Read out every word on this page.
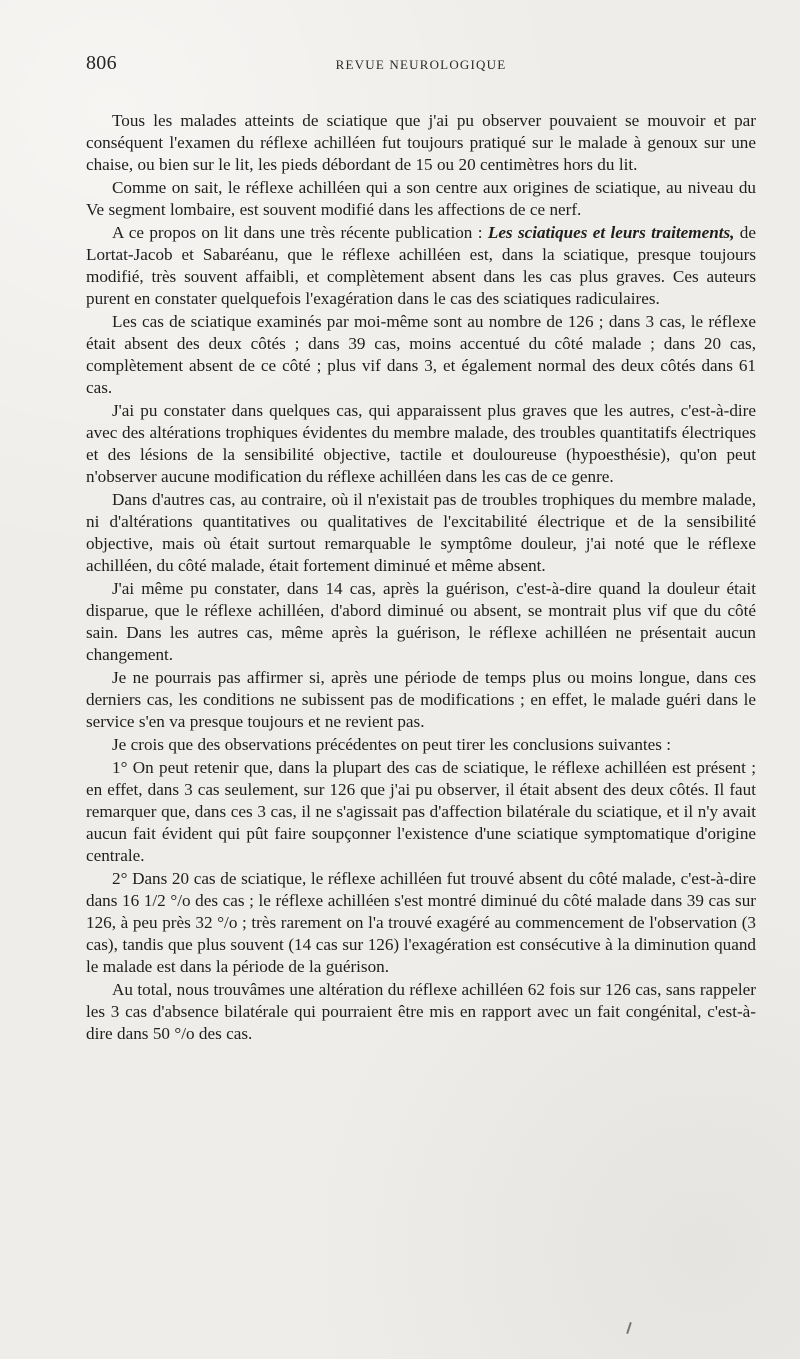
806	REVUE NEUROLOGIQUE

Tous les malades atteints de sciatique que j'ai pu observer pouvaient se mouvoir et par conséquent l'examen du réflexe achilléen fut toujours pratiqué sur le malade à genoux sur une chaise, ou bien sur le lit, les pieds débordant de 15 ou 20 centimètres hors du lit.

Comme on sait, le réflexe achilléen qui a son centre aux origines de sciatique, au niveau du Ve segment lombaire, est souvent modifié dans les affections de ce nerf.

A ce propos on lit dans une très récente publication : Les sciatiques et leurs traitements, de Lortat-Jacob et Sabaréanu, que le réflexe achilléen est, dans la sciatique, presque toujours modifié, très souvent affaibli, et complètement absent dans les cas plus graves. Ces auteurs purent en constater quelquefois l'exagération dans le cas des sciatiques radiculaires.

Les cas de sciatique examinés par moi-même sont au nombre de 126 ; dans 3 cas, le réflexe était absent des deux côtés ; dans 39 cas, moins accentué du côté malade ; dans 20 cas, complètement absent de ce côté ; plus vif dans 3, et également normal des deux côtés dans 61 cas.

J'ai pu constater dans quelques cas, qui apparaissent plus graves que les autres, c'est-à-dire avec des altérations trophiques évidentes du membre malade, des troubles quantitatifs électriques et des lésions de la sensibilité objective, tactile et douloureuse (hypoesthésie), qu'on peut n'observer aucune modification du réflexe achilléen dans les cas de ce genre.

Dans d'autres cas, au contraire, où il n'existait pas de troubles trophiques du membre malade, ni d'altérations quantitatives ou qualitatives de l'excitabilité électrique et de la sensibilité objective, mais où était surtout remarquable le symptôme douleur, j'ai noté que le réflexe achilléen, du côté malade, était fortement diminué et même absent.

J'ai même pu constater, dans 14 cas, après la guérison, c'est-à-dire quand la douleur était disparue, que le réflexe achilléen, d'abord diminué ou absent, se montrait plus vif que du côté sain. Dans les autres cas, même après la guérison, le réflexe achilléen ne présentait aucun changement.

Je ne pourrais pas affirmer si, après une période de temps plus ou moins longue, dans ces derniers cas, les conditions ne subissent pas de modifications ; en effet, le malade guéri dans le service s'en va presque toujours et ne revient pas.

Je crois que des observations précédentes on peut tirer les conclusions suivantes :

1° On peut retenir que, dans la plupart des cas de sciatique, le réflexe achilléen est présent ; en effet, dans 3 cas seulement, sur 126 que j'ai pu observer, il était absent des deux côtés. Il faut remarquer que, dans ces 3 cas, il ne s'agissait pas d'affection bilatérale du sciatique, et il n'y avait aucun fait évident qui pût faire soupçonner l'existence d'une sciatique symptomatique d'origine centrale.

2° Dans 20 cas de sciatique, le réflexe achilléen fut trouvé absent du côté malade, c'est-à-dire dans 16 1/2 °/o des cas ; le réflexe achilléen s'est montré diminué du côté malade dans 39 cas sur 126, à peu près 32 °/o ; très rarement on l'a trouvé exagéré au commencement de l'observation (3 cas), tandis que plus souvent (14 cas sur 126) l'exagération est consécutive à la diminution quand le malade est dans la période de la guérison.

Au total, nous trouvâmes une altération du réflexe achilléen 62 fois sur 126 cas, sans rappeler les 3 cas d'absence bilatérale qui pourraient être mis en rapport avec un fait congénital, c'est-à-dire dans 50 °/o des cas.
